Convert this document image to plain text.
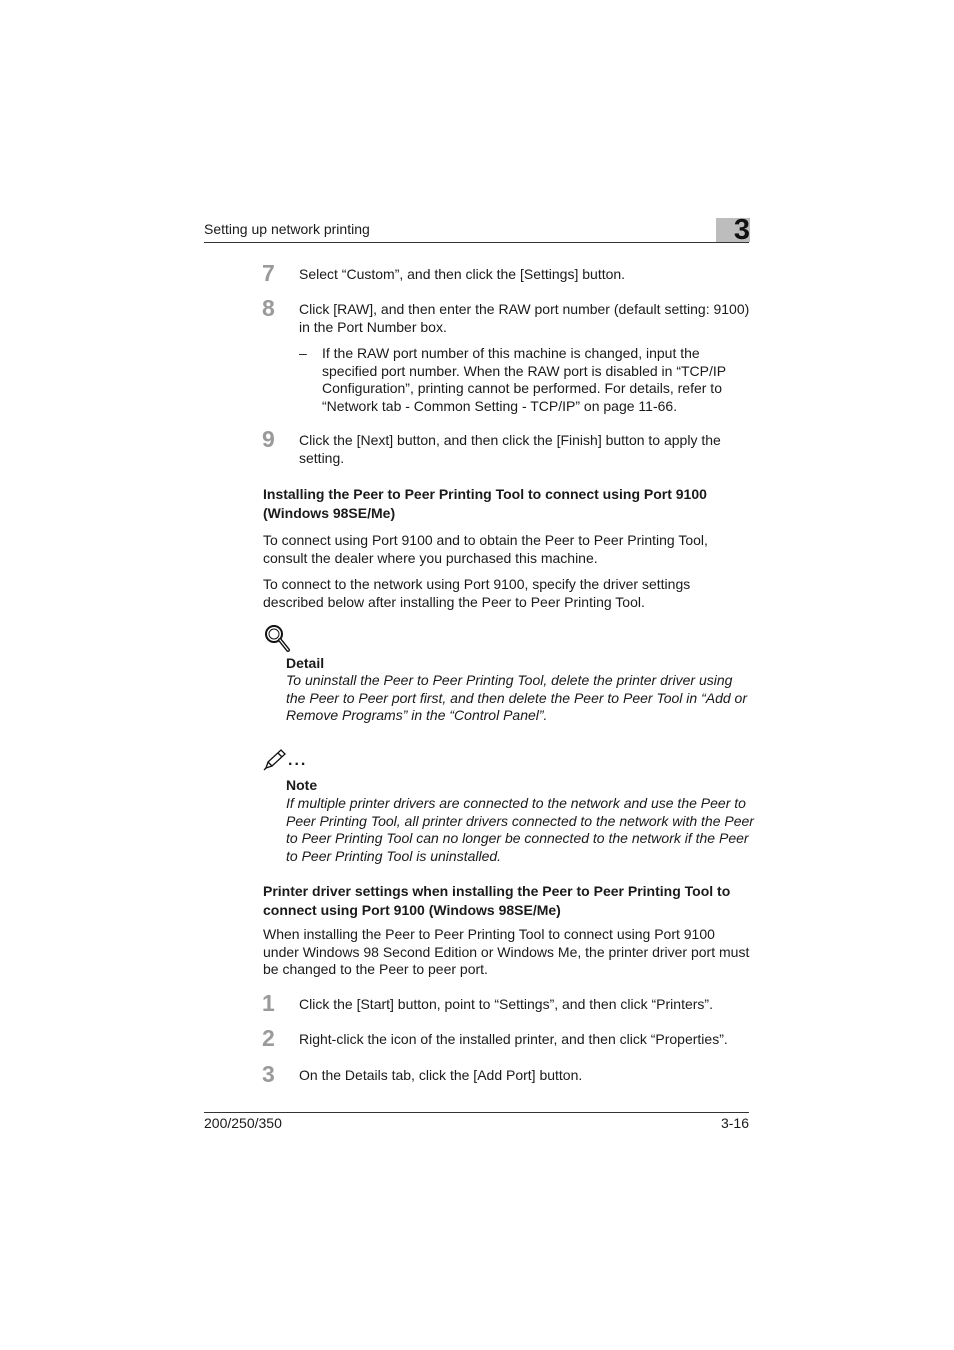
Setting up network printing	3
7	Select “Custom”, and then click the [Settings] button.
8	Click [RAW], and then enter the RAW port number (default setting: 9100) in the Port Number box.
– If the RAW port number of this machine is changed, input the specified port number. When the RAW port is disabled in “TCP/IP Configuration”, printing cannot be performed. For details, refer to “Network tab - Common Setting - TCP/IP” on page 11-66.
9	Click the [Next] button, and then click the [Finish] button to apply the setting.
Installing the Peer to Peer Printing Tool to connect using Port 9100 (Windows 98SE/Me)
To connect using Port 9100 and to obtain the Peer to Peer Printing Tool, consult the dealer where you purchased this machine.
To connect to the network using Port 9100, specify the driver settings described below after installing the Peer to Peer Printing Tool.
Detail
To uninstall the Peer to Peer Printing Tool, delete the printer driver using the Peer to Peer port first, and then delete the Peer to Peer Tool in “Add or Remove Programs” in the “Control Panel”.
...
Note
If multiple printer drivers are connected to the network and use the Peer to Peer Printing Tool, all printer drivers connected to the network with the Peer to Peer Printing Tool can no longer be connected to the network if the Peer to Peer Printing Tool is uninstalled.
Printer driver settings when installing the Peer to Peer Printing Tool to connect using Port 9100 (Windows 98SE/Me)
When installing the Peer to Peer Printing Tool to connect using Port 9100 under Windows 98 Second Edition or Windows Me, the printer driver port must be changed to the Peer to peer port.
1	Click the [Start] button, point to “Settings”, and then click “Printers”.
2	Right-click the icon of the installed printer, and then click “Properties”.
3	On the Details tab, click the [Add Port] button.
200/250/350	3-16
